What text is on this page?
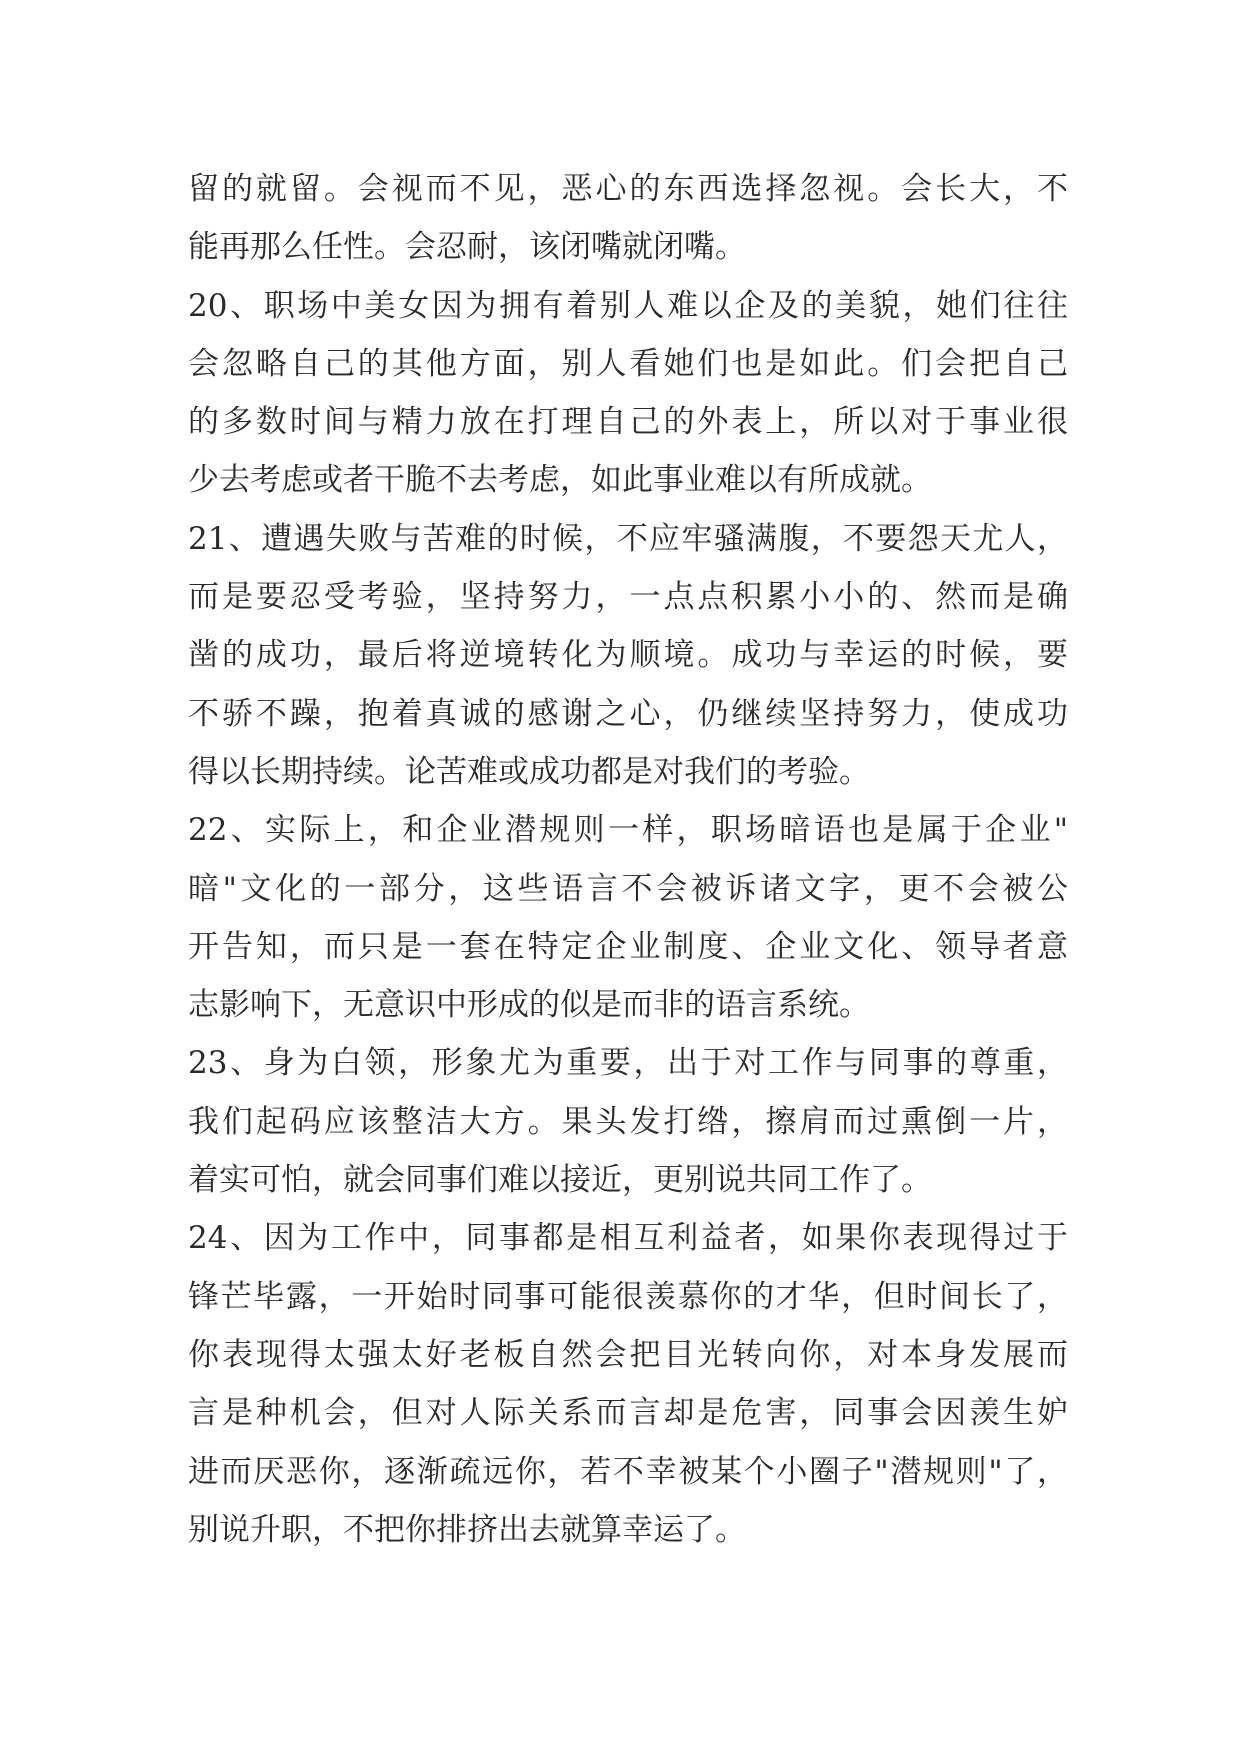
留的就留。会视而不见，恶心的东西选择忽视。会长大，不
能再那么任性。会忍耐，该闭嘴就闭嘴。

20、职场中美女因为拥有着别人难以企及的美貌，她们往往
会忽略自己的其他方面，别人看她们也是如此。们会把自己
的多数时间与精力放在打理自己的外表上，所以对于事业很
少去考虑或者干脆不去考虑，如此事业难以有所成就。

21、遭遇失败与苦难的时候，不应牢骚满腹，不要怨天尤人，
而是要忍受考验，坚持努力，一点点积累小小的、然而是确
凿的成功，最后将逆境转化为顺境。成功与幸运的时候，要
不骄不躁，抱着真诚的感谢之心，仍继续坚持努力，使成功
得以长期持续。论苦难或成功都是对我们的考验。

22、实际上，和企业潜规则一样，职场暗语也是属于企业"
暗"文化的一部分，这些语言不会被诉诸文字，更不会被公
开告知，而只是一套在特定企业制度、企业文化、领导者意
志影响下，无意识中形成的似是而非的语言系统。

23、身为白领，形象尤为重要，出于对工作与同事的尊重，
我们起码应该整洁大方。果头发打绺，擦肩而过熏倒一片，
着实可怕，就会同事们难以接近，更别说共同工作了。

24、因为工作中，同事都是相互利益者，如果你表现得过于
锋芒毕露，一开始时同事可能很羡慕你的才华，但时间长了，
你表现得太强太好老板自然会把目光转向你，对本身发展而
言是种机会，但对人际关系而言却是危害，同事会因羡生妒
进而厌恶你，逐渐疏远你，若不幸被某个小圈子"潜规则"了，
别说升职，不把你排挤出去就算幸运了。
